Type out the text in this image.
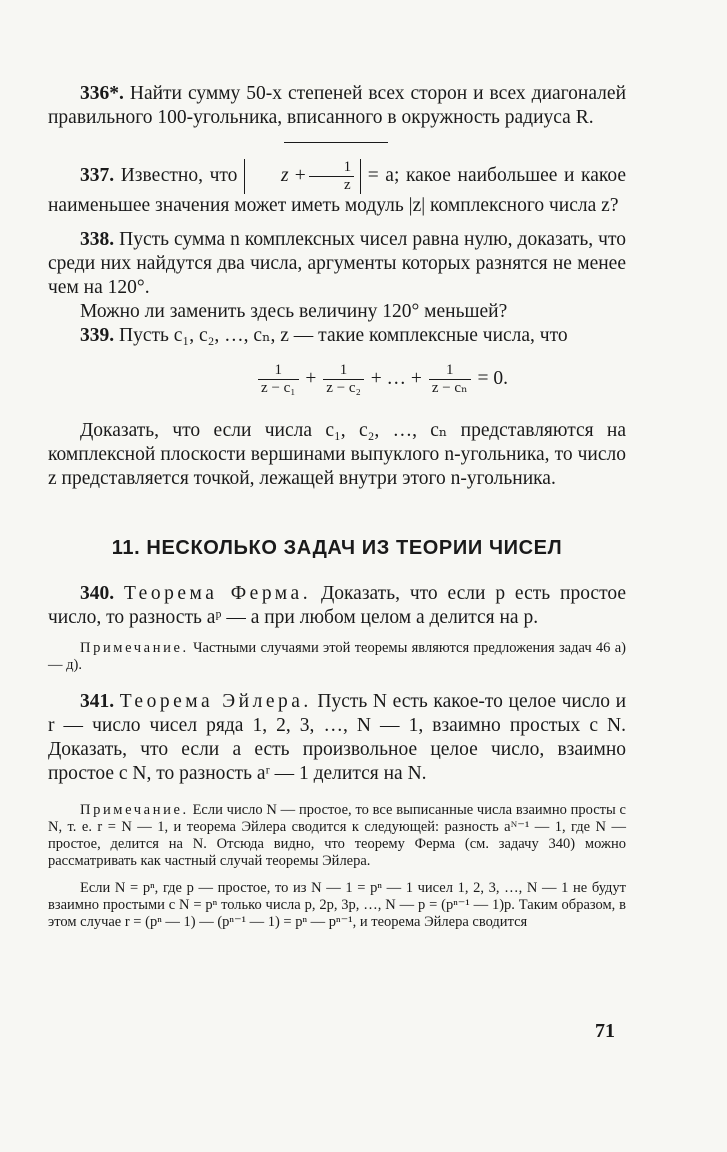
336*. Найти сумму 50-х степеней всех сторон и всех диагоналей правильного 100-угольника, вписанного в окружность радиуса R.

337. Известно, что $z + \frac{1}{z} = a$; какое наибольшее и какое наименьшее значения может иметь модуль |z| комплексного числа z?

338. Пусть сумма n комплексных чисел равна нулю, доказать, что среди них найдутся два числа, аргументы которых разнятся не менее чем на 120°.

Можно ли заменить здесь величину 120° меньшей?

339. Пусть c₁, c₂, …, cₙ, z — такие комплексные числа, что

$\frac{1}{\text{z − c₁}} + \frac{1}{\text{z − c₂}}$ + … + $\frac{1}{\text{z − cₙ}} = 0$.

Доказать, что если числа c₁, c₂, …, cₙ представляются на комплексной плоскости вершинами выпуклого n-угольника, то число z представляется точкой, лежащей внутри этого n-угольника.

11. НЕСКОЛЬКО ЗАДАЧ ИЗ ТЕОРИИ ЧИСЕЛ

340. Теорема Ферма. Доказать, что если p есть простое число, то разность aᵖ — a при любом целом a делится на p.

Примечание. Частными случаями этой теоремы являются предложения задач 46 а) — д).

341. Теорема Эйлера. Пусть N есть какое-то целое число и r — число чисел ряда 1, 2, 3, …, N — 1, взаимно простых с N. Доказать, что если a есть произвольное целое число, взаимно простое с N, то разность aʳ — 1 делится на N.

Примечание. Если число N — простое, то все выписанные числа взаимно просты с N, т. е. r = N — 1, и теорема Эйлера сводится к следующей: разность aᴺ⁻¹ — 1, где N — простое, делится на N. Отсюда видно, что теорему Ферма (см. задачу 340) можно рассматривать как частный случай теоремы Эйлера.

Если N = pⁿ, где p — простое, то из N — 1 = pⁿ — 1 чисел 1, 2, 3, …, N — 1 не будут взаимно простыми с N = pⁿ только числа p, 2p, 3p, …, N — p = (pⁿ⁻¹ — 1)p. Таким образом, в этом случае r = (pⁿ — 1) — (pⁿ⁻¹ — 1) = pⁿ — pⁿ⁻¹, и теорема Эйлера сводится

71
